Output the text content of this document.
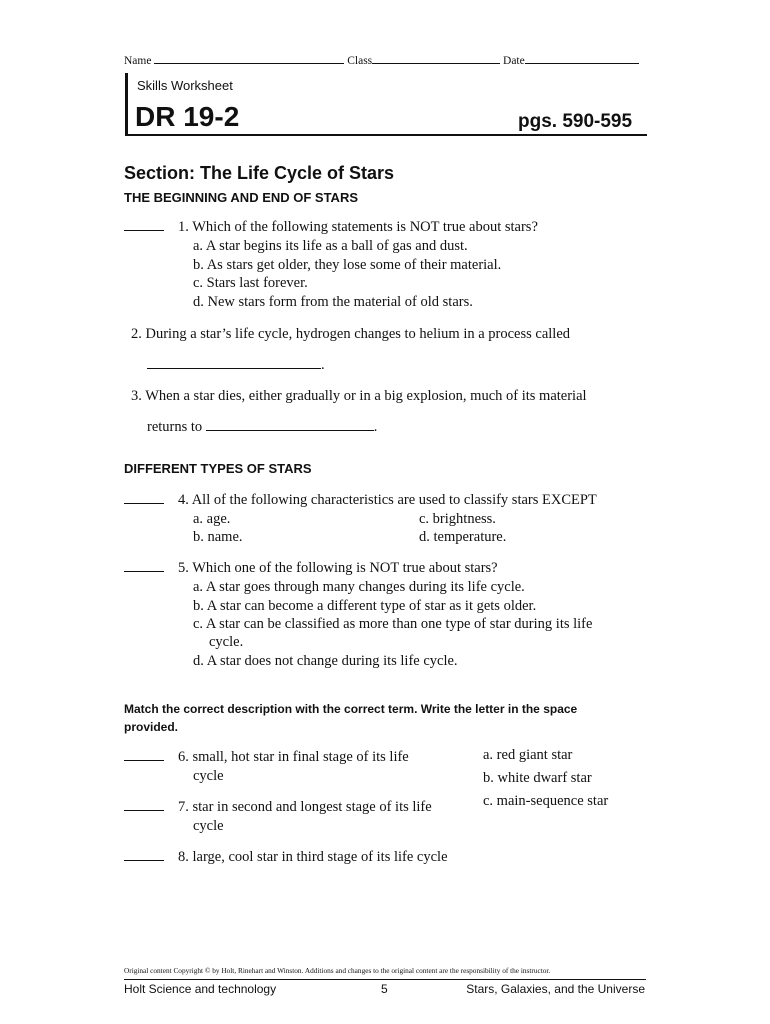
Name	Class	Date
Skills Worksheet
DR 19-2	pgs. 590-595
Section: The Life Cycle of Stars
THE BEGINNING AND END OF STARS
1. Which of the following statements is NOT true about stars?
a. A star begins its life as a ball of gas and dust.
b. As stars get older, they lose some of their material.
c. Stars last forever.
d. New stars form from the material of old stars.
2. During a star’s life cycle, hydrogen changes to helium in a process called
.
3. When a star dies, either gradually or in a big explosion, much of its material
returns to	.
DIFFERENT TYPES OF STARS
4. All of the following characteristics are used to classify stars EXCEPT
a. age.
b. name.
c. brightness.
d. temperature.
5. Which one of the following is NOT true about stars?
a. A star goes through many changes during its life cycle.
b. A star can become a different type of star as it gets older.
c. A star can be classified as more than one type of star during its life
cycle.
d. A star does not change during its life cycle.
Match the correct description with the correct term. Write the letter in the space
provided.
6. small, hot star in final stage of its life
cycle
7. star in second and longest stage of its life
cycle
8. large, cool star in third stage of its life cycle
a. red giant star
b. white dwarf star
c. main-sequence star
Original content Copyright © by Holt, Rinehart and Winston. Additions and changes to the original content are the responsibility of the instructor.
Holt Science and technology	5	Stars, Galaxies, and the Universe
